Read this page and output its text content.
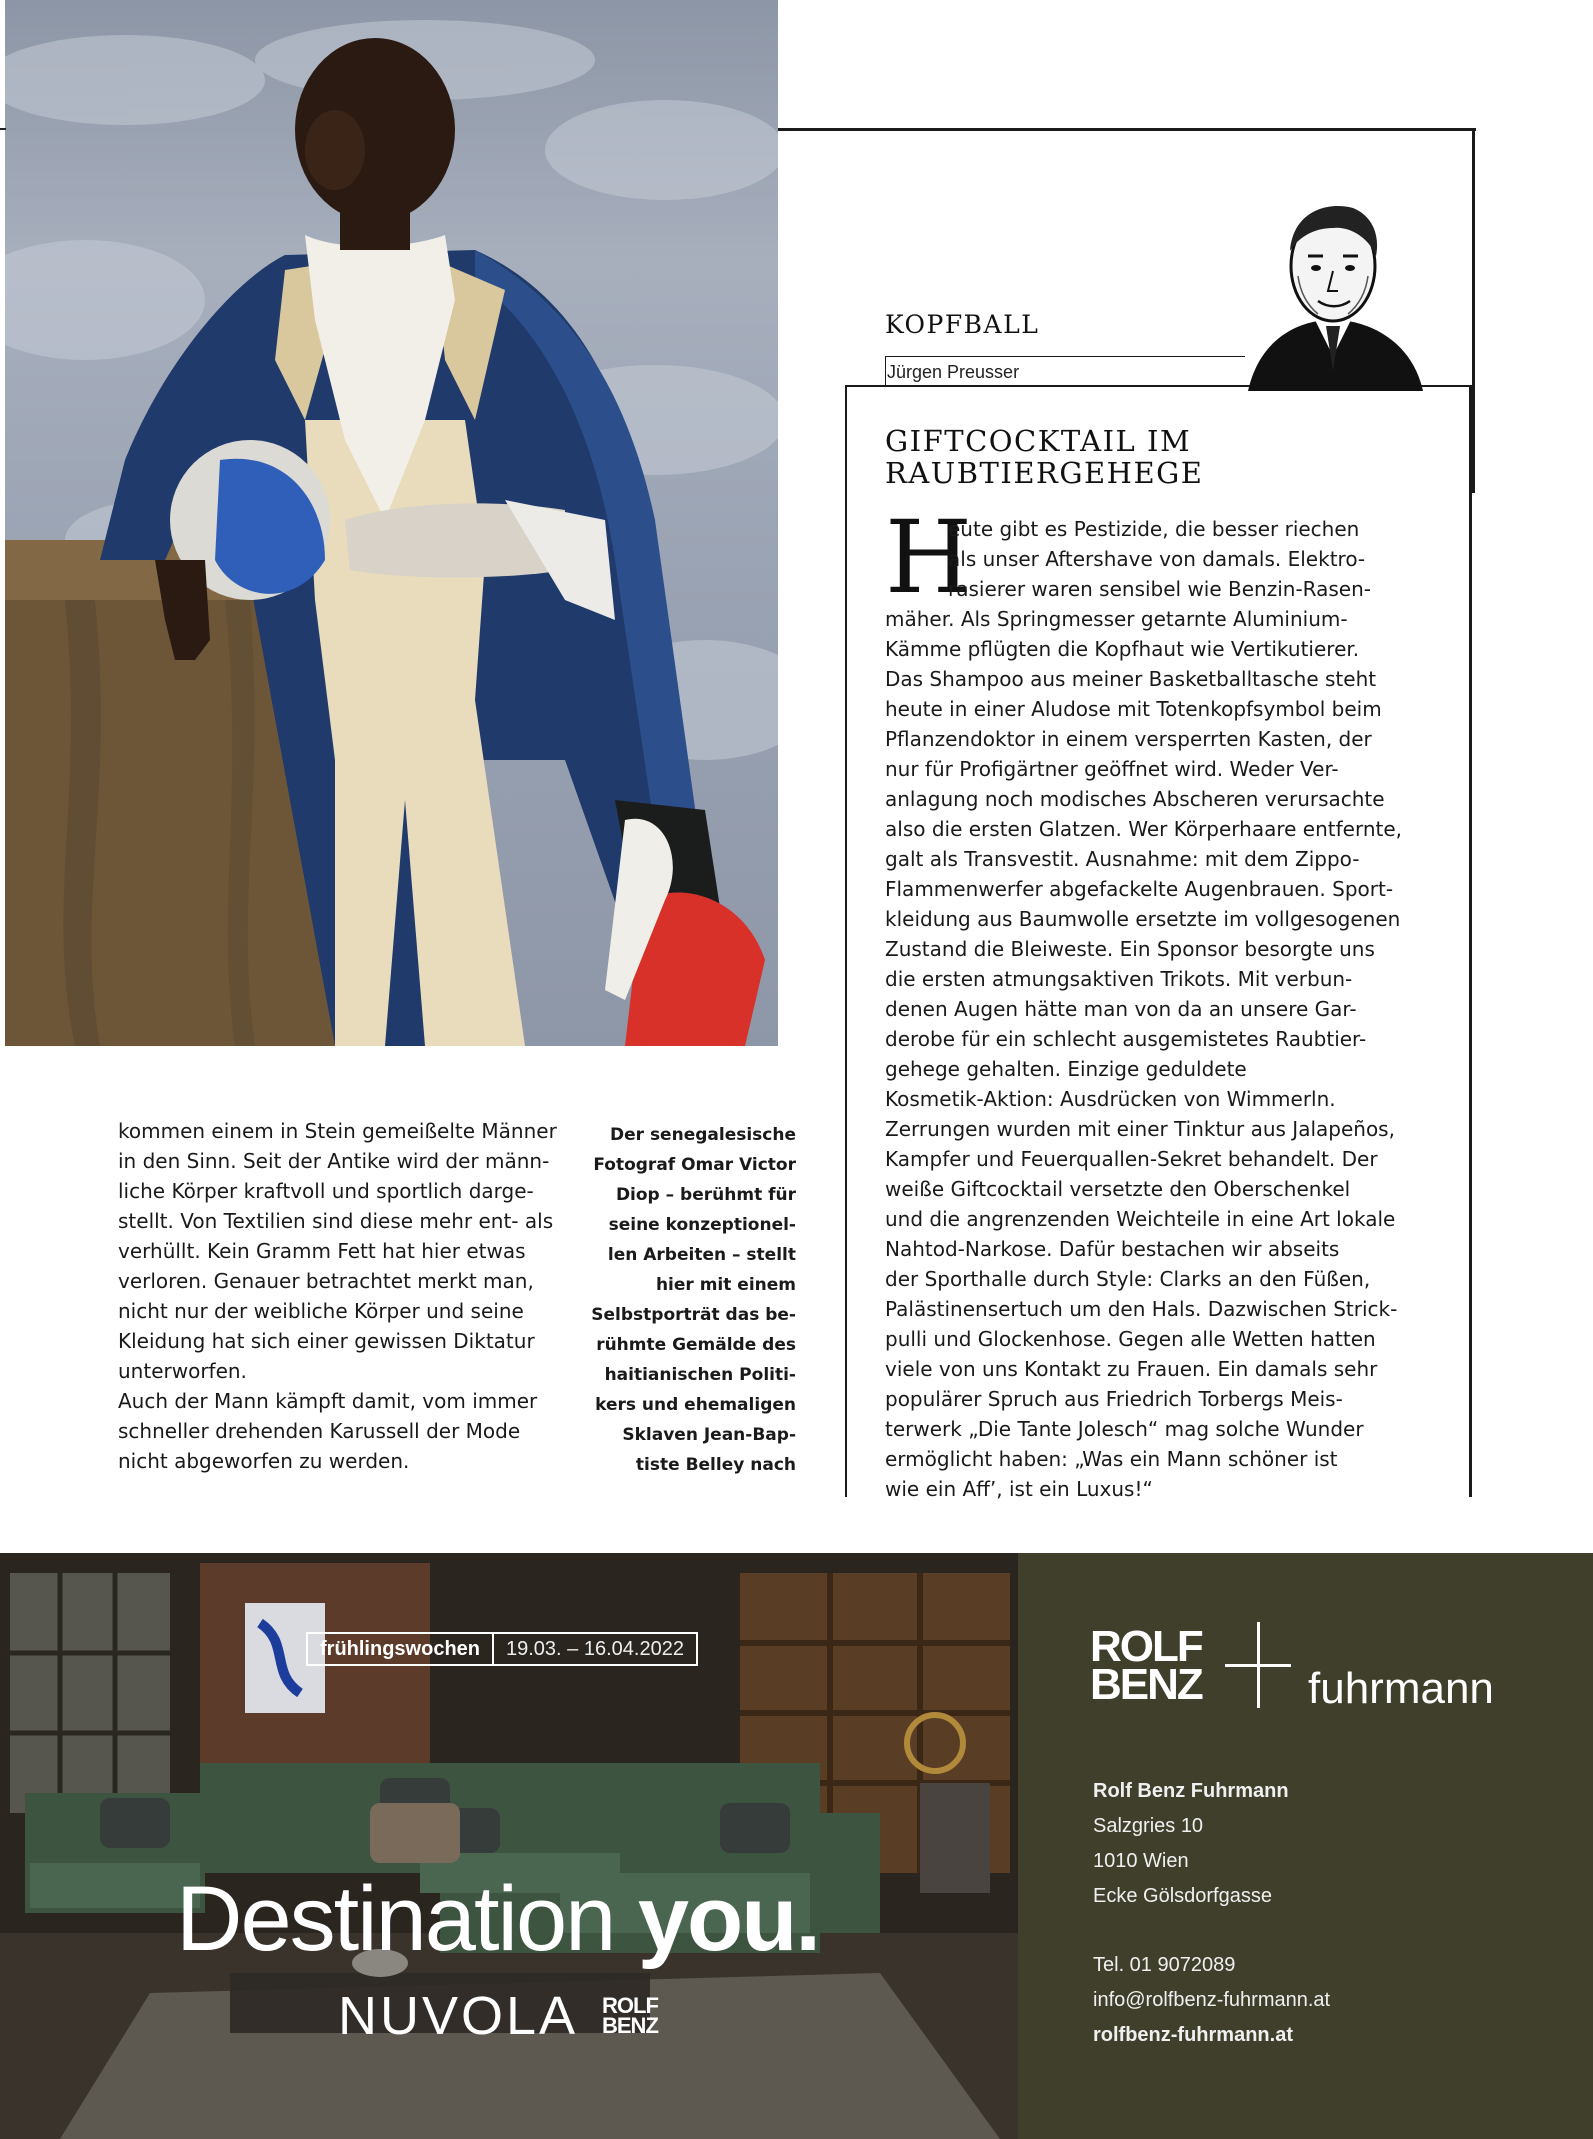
KOPFBALL
Jürgen Preusser
GIFTCOCKTAIL IM
RAUBTIERGEHEGE
H
eute gibt es Pestizide, die besser riechen
als unser Aftershave von damals. Elektro-
rasierer waren sensibel wie Benzin-Rasen-
mäher. Als Springmesser getarnte Aluminium-
Kämme pflügten die Kopfhaut wie Vertikutierer.
Das Shampoo aus meiner Basketballtasche steht
heute in einer Aludose mit Totenkopfsymbol beim
Pflanzendoktor in einem versperrten Kasten, der
nur für Profigärtner geöffnet wird. Weder Ver-
anlagung noch modisches Abscheren verursachte
also die ersten Glatzen. Wer Körperhaare entfernte,
galt als Transvestit. Ausnahme: mit dem Zippo-
Flammenwerfer abgefackelte Augenbrauen. Sport-
kleidung aus Baumwolle ersetzte im vollgesogenen
Zustand die Bleiweste. Ein Sponsor besorgte uns
die ersten atmungsaktiven Trikots. Mit verbun-
denen Augen hätte man von da an unsere Gar-
derobe für ein schlecht ausgemistetes Raubtier-
gehege gehalten. Einzige geduldete
Kosmetik-Aktion: Ausdrücken von Wimmerln.
Zerrungen wurden mit einer Tinktur aus Jalapeños,
Kampfer und Feuerquallen-Sekret behandelt. Der
weiße Giftcocktail versetzte den Oberschenkel
und die angrenzenden Weichteile in eine Art lokale
Nahtod-Narkose. Dafür bestachen wir abseits
der Sporthalle durch Style: Clarks an den Füßen,
Palästinensertuch um den Hals. Dazwischen Strick-
pulli und Glockenhose. Gegen alle Wetten hatten
viele von uns Kontakt zu Frauen. Ein damals sehr
populärer Spruch aus Friedrich Torbergs Meis-
terwerk „Die Tante Jolesch“ mag solche Wunder
ermöglicht haben: „Was ein Mann schöner ist
wie ein Aff’, ist ein Luxus!“
kommen einem in Stein gemeißelte Männer
in den Sinn. Seit der Antike wird der männ-
liche Körper kraftvoll und sportlich darge-
stellt. Von Textilien sind diese mehr ent- als
verhüllt. Kein Gramm Fett hat hier etwas
verloren. Genauer betrachtet merkt man,
nicht nur der weibliche Körper und seine
Kleidung hat sich einer gewissen Diktatur
unterworfen.
Auch der Mann kämpft damit, vom immer
schneller drehenden Karussell der Mode
nicht abgeworfen zu werden.
Der senegalesische
Fotograf Omar Victor
Diop – berühmt für
seine konzeptionel-
len Arbeiten – stellt
hier mit einem
Selbstporträt das be-
rühmte Gemälde des
haitianischen Politi-
kers und ehemaligen
Sklaven Jean-Bap-
tiste Belley nach
frühlingswochen	19.03. – 16.04.2022
Destination you.
NUVOLA ROLF
BENZ
ROLF
BENZ fuhrmann
Rolf Benz Fuhrmann
Salzgries 10
1010 Wien
Ecke Gölsdorfgasse
Tel. 01 9072089
info@rolfbenz-fuhrmann.at
rolfbenz-fuhrmann.at
